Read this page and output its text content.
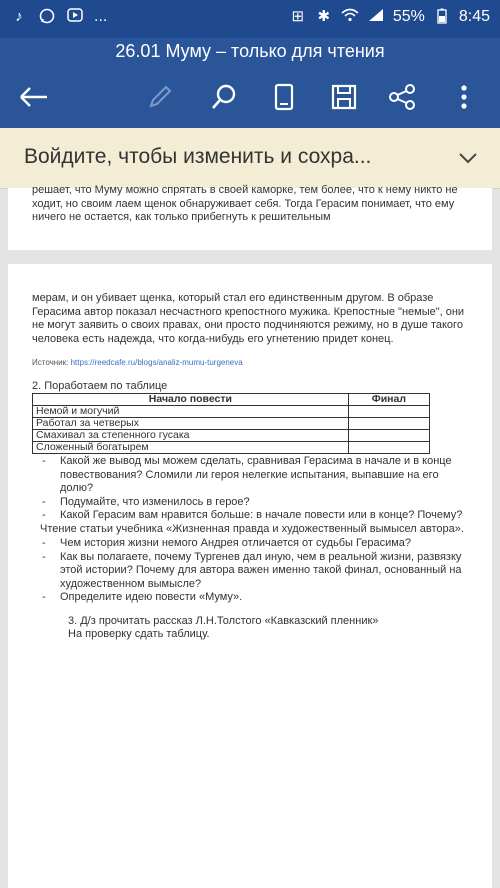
♪	...	⊞ ✱	55% 8:45
26.01 Муму – только для чтения
Войдите, чтобы изменить и сохра...
решает, что Муму можно спрятать в своей каморке, тем более, что к нему никто не ходит, но своим лаем щенок обнаруживает себя. Тогда Герасим понимает, что ему ничего не остается, как только прибегнуть к решительным
мерам, и он убивает щенка, который стал его единственным другом. В образе Герасима автор показал несчастного крепостного мужика. Крепостные "немые", они не могут заявить о своих правах, они просто подчиняются режиму, но в душе такого человека есть надежда, что когда-нибудь его угнетению придет конец.
Источник: https://reedcafe.ru/blogs/analiz-mumu-turgeneva
2. Поработаем по таблице
Начало повести	Финал
Немой и могучий	
Работал за четверых	
Смахивал за степенного гусака	
Сложенный богатырем	
- Какой же вывод мы можем сделать, сравнивая Герасима в начале и в конце повествования? Сломили ли героя нелегкие испытания, выпавшие на его долю?
- Подумайте, что изменилось в герое?
- Какой Герасим вам нравится больше: в начале повести или в конце? Почему?
Чтение статьи учебника «Жизненная правда и художественный вымысел автора».
- Чем история жизни немого Андрея отличается от судьбы Герасима?
- Как вы полагаете, почему Тургенев дал иную, чем в реальной жизни, развязку этой истории? Почему для автора важен именно такой финал, основанный на художественном вымысле?
- Определите идею повести «Муму».
3. Д/з прочитать рассказ Л.Н.Толстого «Кавказский пленник»
На проверку сдать таблицу.
